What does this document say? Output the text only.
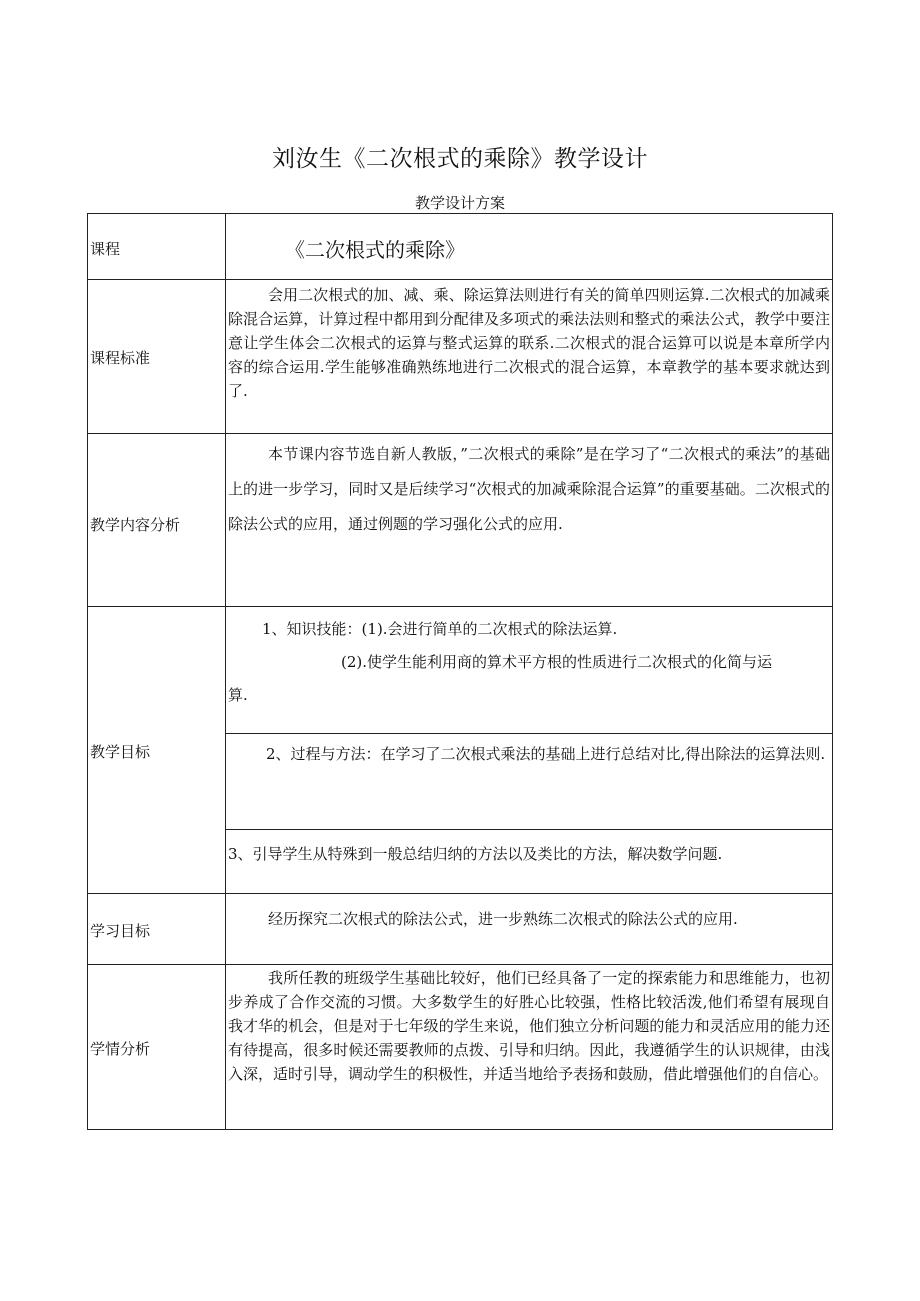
刘汝生《二次根式的乘除》教学设计
教学设计方案
课程	《二次根式的乘除》
课程标准
会用二次根式的加、减、乘、除运算法则进行有关的简单四则运算.二次根式的加减乘除混合运算，计算过程中都用到分配律及多项式的乘法法则和整式的乘法公式，教学中要注意让学生体会二次根式的运算与整式运算的联系.二次根式的混合运算可以说是本章所学内容的综合运用.学生能够准确熟练地进行二次根式的混合运算，本章教学的基本要求就达到了.
教学内容分析
本节课内容节选自新人教版，”二次根式的乘除”是在学习了“二次根式的乘法”的基础上的进一步学习，同时又是后续学习“次根式的加减乘除混合运算”的重要基础。二次根式的除法公式的应用，通过例题的学习强化公式的应用.
教学目标
1、知识技能：(1).会进行简单的二次根式的除法运算.
(2).使学生能利用商的算术平方根的性质进行二次根式的化简与运
算.
2、过程与方法：在学习了二次根式乘法的基础上进行总结对比,得出除法的运算法则.
3、引导学生从特殊到一般总结归纳的方法以及类比的方法，解决数学问题.
学习目标
经历探究二次根式的除法公式，进一步熟练二次根式的除法公式的应用.
学情分析
我所任教的班级学生基础比较好，他们已经具备了一定的探索能力和思维能力，也初步养成了合作交流的习惯。大多数学生的好胜心比较强，性格比较活泼,他们希望有展现自我才华的机会，但是对于七年级的学生来说，他们独立分析问题的能力和灵活应用的能力还有待提高，很多时候还需要教师的点拨、引导和归纳。因此，我遵循学生的认识规律，由浅入深，适时引导，调动学生的积极性，并适当地给予表扬和鼓励，借此增强他们的自信心。
